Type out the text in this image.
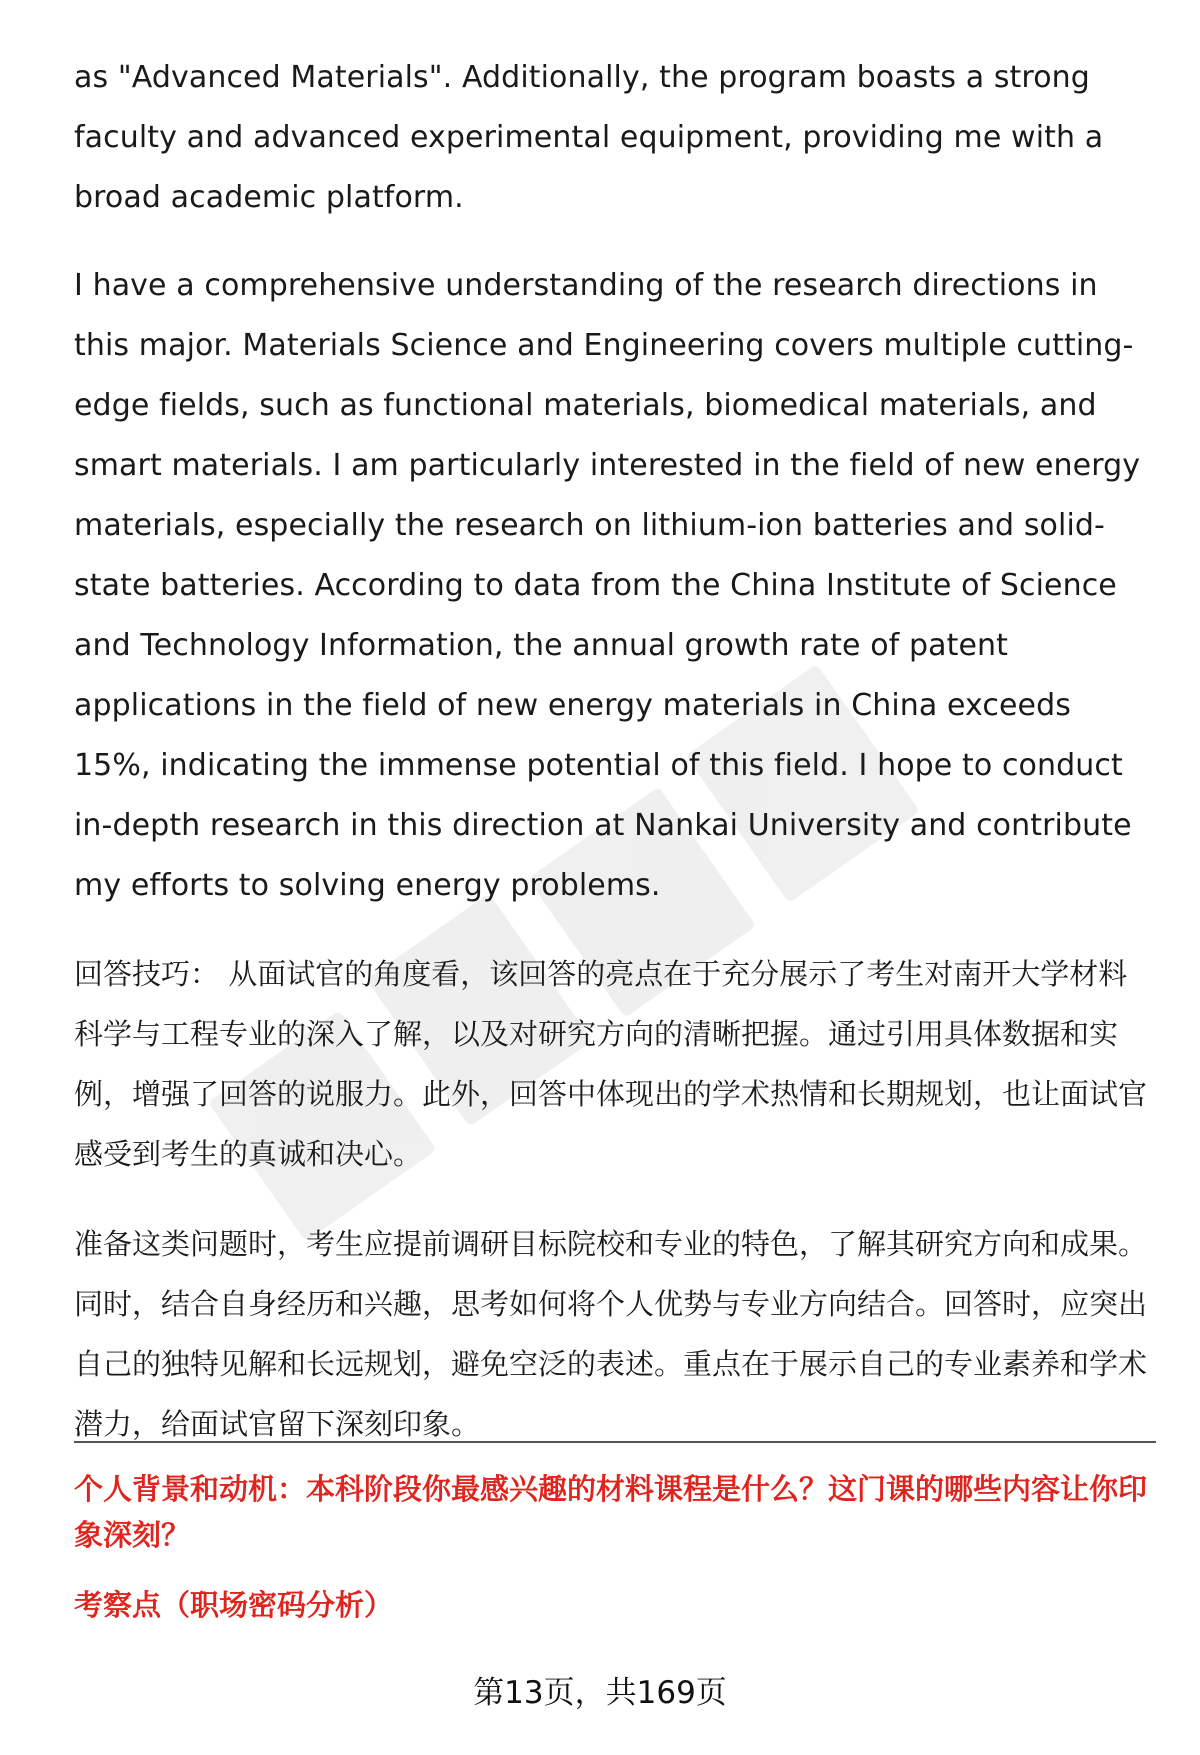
as "Advanced Materials". Additionally, the program boasts a strong faculty and advanced experimental equipment, providing me with a broad academic platform.

I have a comprehensive understanding of the research directions in this major. Materials Science and Engineering covers multiple cutting-edge fields, such as functional materials, biomedical materials, and smart materials. I am particularly interested in the field of new energy materials, especially the research on lithium-ion batteries and solid-state batteries. According to data from the China Institute of Science and Technology Information, the annual growth rate of patent applications in the field of new energy materials in China exceeds 15%, indicating the immense potential of this field. I hope to conduct in-depth research in this direction at Nankai University and contribute my efforts to solving energy problems.

回答技巧： 从面试官的角度看，该回答的亮点在于充分展示了考生对南开大学材料科学与工程专业的深入了解，以及对研究方向的清晰把握。通过引用具体数据和实例，增强了回答的说服力。此外，回答中体现出的学术热情和长期规划，也让面试官感受到考生的真诚和决心。

准备这类问题时，考生应提前调研目标院校和专业的特色，了解其研究方向和成果。同时，结合自身经历和兴趣，思考如何将个人优势与专业方向结合。回答时，应突出自己的独特见解和长远规划，避免空泛的表述。重点在于展示自己的专业素养和学术潜力，给面试官留下深刻印象。

个人背景和动机：本科阶段你最感兴趣的材料课程是什么？这门课的哪些内容让你印象深刻？

考察点（职场密码分析）

第13页，共169页
